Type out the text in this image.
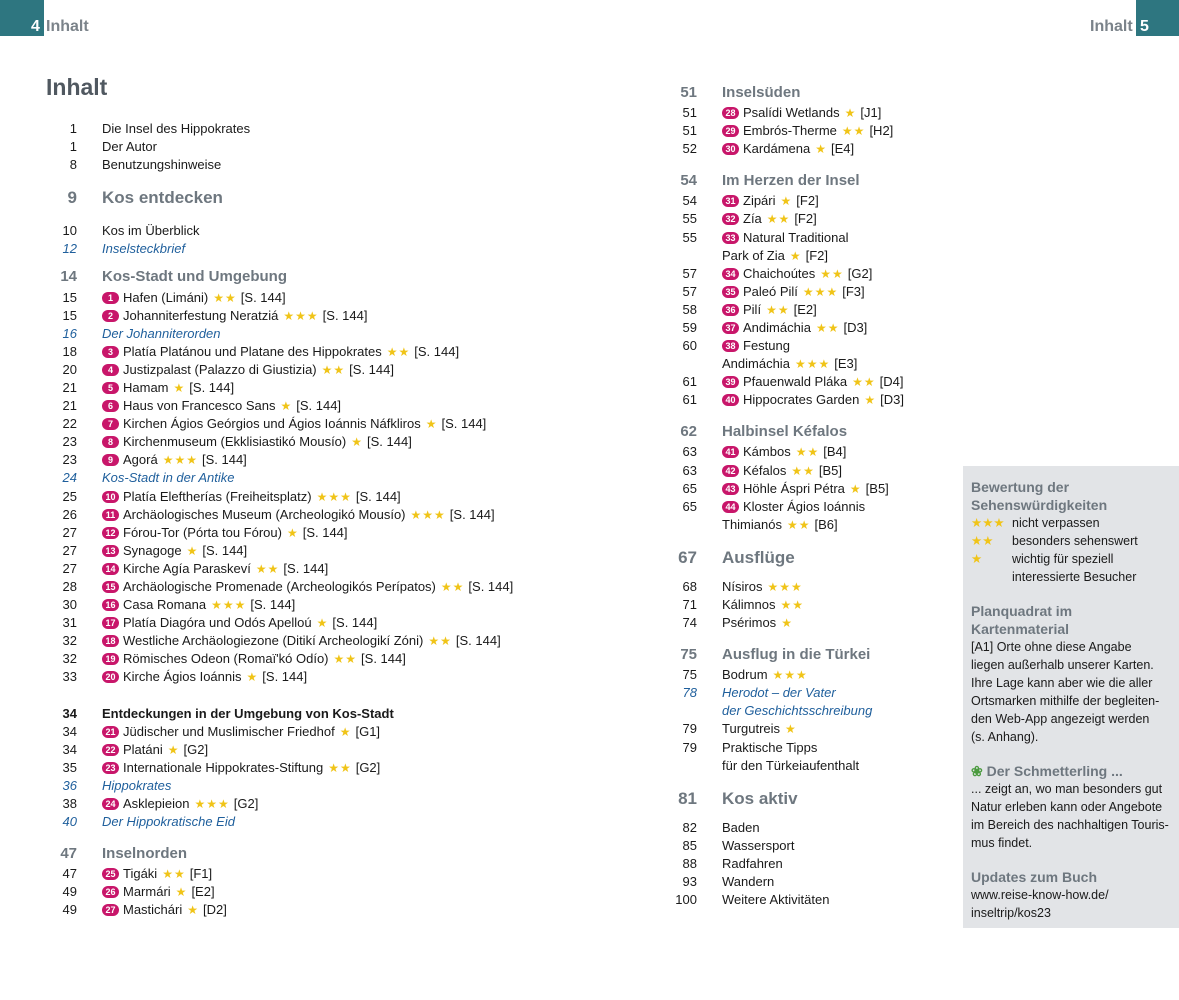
4 Inhalt	Inhalt 5
Inhalt
1 Die Insel des Hippokrates
1 Der Autor
8 Benutzungshinweise
9 Kos entdecken
10 Kos im Überblick
12 Inselsteckbrief
14 Kos-Stadt und Umgebung
15	1 Hafen (Limáni) ★★ [S. 144]
15	2 Johanniterfestung Neratziá ★★★ [S. 144]
16 Der Johanniterorden
18	3 Platía Platánou und Platane des Hippokrates ★★ [S. 144]
20	4 Justizpalast (Palazzo di Giustizia) ★★ [S. 144]
21	5 Hamam ★ [S. 144]
21	6 Haus von Francesco Sans ★ [S. 144]
22	7 Kirchen Ágios Geórgios und Ágios Ioánnis Náfkliros ★ [S. 144]
23	8 Kirchenmuseum (Ekklisiastikó Mousío) ★ [S. 144]
23	9 Agorá ★★★ [S. 144]
24 Kos-Stadt in der Antike
25	10 Platía Eleftherías (Freiheitsplatz) ★★★ [S. 144]
26	11 Archäologisches Museum (Archeologikó Mousío) ★★★ [S. 144]
27	12 Fórou-Tor (Pórta tou Fórou) ★ [S. 144]
27	13 Synagoge ★ [S. 144]
27	14 Kirche Agía Paraskeví ★★ [S. 144]
28	15 Archäologische Promenade (Archeologikós Perípatos) ★★ [S. 144]
30	16 Casa Romana ★★★ [S. 144]
31	17 Platía Diagóra und Odós Apelloú ★ [S. 144]
32	18 Westliche Archäologiezone (Ditikí Archeologikí Zóni) ★★ [S. 144]
32	19 Römisches Odeon (Romaï'kó Odío) ★★ [S. 144]
33	20 Kirche Ágios Ioánnis ★ [S. 144]
34 Entdeckungen in der Umgebung von Kos-Stadt
34	21 Jüdischer und Muslimischer Friedhof ★ [G1]
34	22 Platáni ★ [G2]
35	23 Internationale Hippokrates-Stiftung ★★ [G2]
36 Hippokrates
38	24 Asklepieion ★★★ [G2]
40 Der Hippokratische Eid
47 Inselnorden
47	25 Tigáki ★★ [F1]
49	26 Marmári ★ [E2]
49	27 Mastichári ★ [D2]
51 Inselsüden
51	28 Psalídi Wetlands ★ [J1]
51	29 Embrós-Therme ★★ [H2]
52	30 Kardámena ★ [E4]
54 Im Herzen der Insel
54	31 Zipári ★ [F2]
55	32 Zía ★★ [F2]
55	33 Natural Traditional
Park of Zia ★ [F2]
57	34 Chaichoútes ★★ [G2]
57	35 Paleó Pilí ★★★ [F3]
58	36 Pilí ★★ [E2]
59	37 Andimáchia ★★ [D3]
60	38 Festung
Andimáchia ★★★ [E3]
61	39 Pfauenwald Pláka ★★ [D4]
61	40 Hippocrates Garden ★ [D3]
62 Halbinsel Kéfalos
63	41 Kámbos ★★ [B4]
63	42 Kéfalos ★★ [B5]
65	43 Höhle Áspri Pétra ★ [B5]
65	44 Kloster Ágios Ioánnis
Thimianós ★★ [B6]
67 Ausflüge
68 Nísiros ★★★
71 Kálimnos ★★
74 Psérimos ★
75 Ausflug in die Türkei
75 Bodrum ★★★
78 Herodot – der Vater
der Geschichtsschreibung
79 Turgutreis ★
79 Praktische Tipps
für den Türkeiaufenthalt
81 Kos aktiv
82 Baden
85 Wassersport
88 Radfahren
93 Wandern
100 Weitere Aktivitäten
Bewertung der Sehenswürdigkeiten
★★★ nicht verpassen
★★	besonders sehenswert
★	wichtig für speziell
interessierte Besucher
Planquadrat im Kartenmaterial
[A1] Orte ohne diese Angabe
liegen außerhalb unserer Karten.
Ihre Lage kann aber wie die aller
Ortsmarken mithilfe der begleiten-
den Web-App angezeigt werden
(s. Anhang).
❀ Der Schmetterling ...
... zeigt an, wo man besonders gut
Natur erleben kann oder Angebote
im Bereich des nachhaltigen Touris-
mus findet.
Updates zum Buch
www.reise-know-how.de/
inseltrip/kos23
